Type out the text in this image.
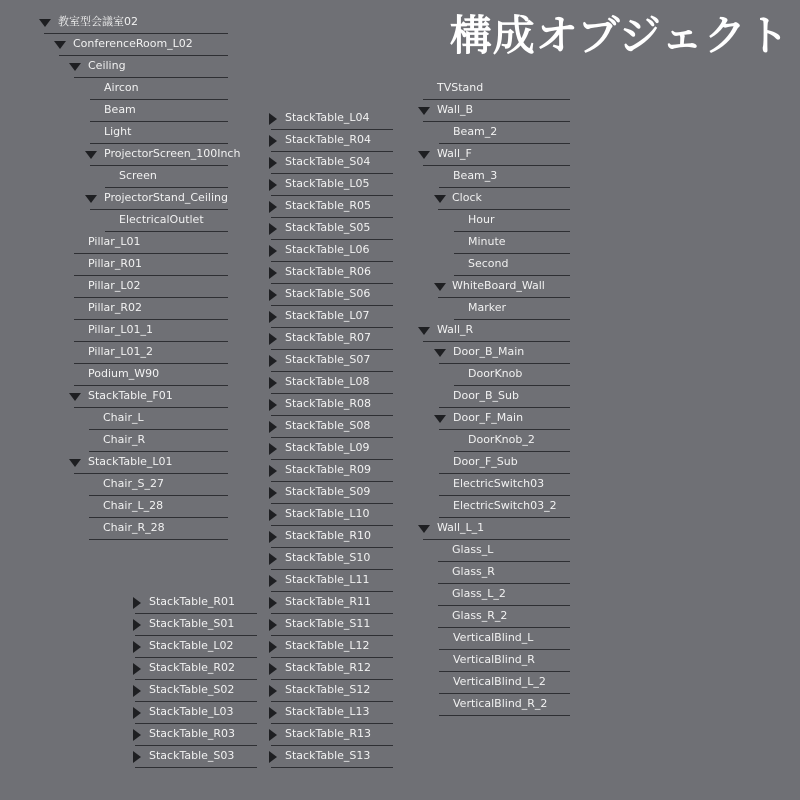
構成オブジェクト
教室型会議室02
ConferenceRoom_L02
Ceiling
Aircon
Beam
Light
ProjectorScreen_100Inch
Screen
ProjectorStand_Ceiling
ElectricalOutlet
Pillar_L01
Pillar_R01
Pillar_L02
Pillar_R02
Pillar_L01_1
Pillar_L01_2
Podium_W90
StackTable_F01
Chair_L
Chair_R
StackTable_L01
Chair_S_27
Chair_L_28
Chair_R_28
StackTable_R01
StackTable_S01
StackTable_L02
StackTable_R02
StackTable_S02
StackTable_L03
StackTable_R03
StackTable_S03
StackTable_L04
StackTable_R04
StackTable_S04
StackTable_L05
StackTable_R05
StackTable_S05
StackTable_L06
StackTable_R06
StackTable_S06
StackTable_L07
StackTable_R07
StackTable_S07
StackTable_L08
StackTable_R08
StackTable_S08
StackTable_L09
StackTable_R09
StackTable_S09
StackTable_L10
StackTable_R10
StackTable_S10
StackTable_L11
StackTable_R11
StackTable_S11
StackTable_L12
StackTable_R12
StackTable_S12
StackTable_L13
StackTable_R13
StackTable_S13
TVStand
Wall_B
Beam_2
Wall_F
Beam_3
Clock
Hour
Minute
Second
WhiteBoard_Wall
Marker
Wall_R
Door_B_Main
DoorKnob
Door_B_Sub
Door_F_Main
DoorKnob_2
Door_F_Sub
ElectricSwitch03
ElectricSwitch03_2
Wall_L_1
Glass_L
Glass_R
Glass_L_2
Glass_R_2
VerticalBlind_L
VerticalBlind_R
VerticalBlind_L_2
VerticalBlind_R_2
